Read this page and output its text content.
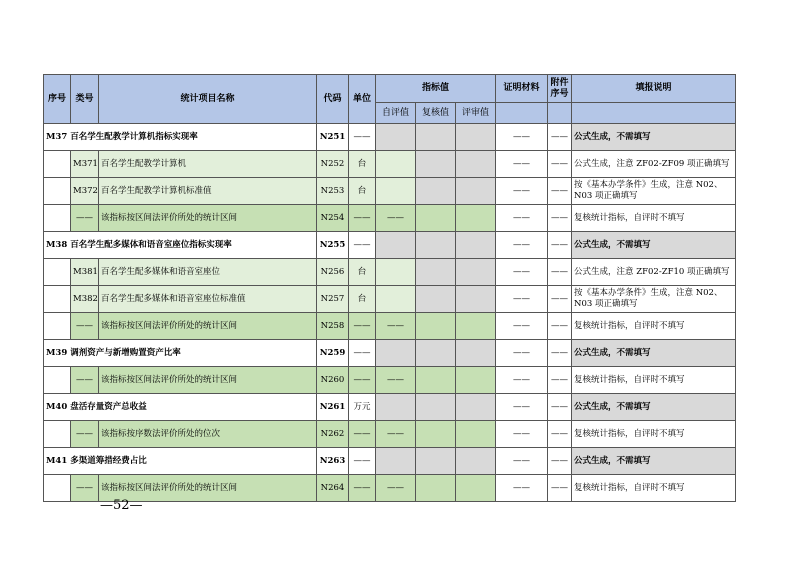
序号	类号	统计项目名称	代码	单位	指标值			证明材料	附件序号	填报说明
					自评值	复核值	评审值			
M37 百名学生配教学计算机指标实现率			N251	——				——	——	公式生成，不需填写
	M371	百名学生配教学计算机	N252	台				——	——	公式生成，注意 ZF02-ZF09 项正确填写
	M372	百名学生配教学计算机标准值	N253	台				——	——	按《基本办学条件》生成，注意 N02、N03 项正确填写
	——	该指标按区间法评价所处的统计区间	N254	——	——			——	——	复核统计指标，自评时不填写
M38 百名学生配多媒体和语音室座位指标实现率			N255	——				——	——	公式生成，不需填写
	M381	百名学生配多媒体和语音室座位	N256	台				——	——	公式生成，注意 ZF02-ZF10 项正确填写
	M382	百名学生配多媒体和语音室座位标准值	N257	台				——	——	按《基本办学条件》生成，注意 N02、N03 项正确填写
	——	该指标按区间法评价所处的统计区间	N258	——	——			——	——	复核统计指标，自评时不填写
M39 调剂资产与新增购置资产比率			N259	——				——	——	公式生成，不需填写
	——	该指标按区间法评价所处的统计区间	N260	——	——			——	——	复核统计指标，自评时不填写
M40 盘活存量资产总收益			N261	万元				——	——	公式生成，不需填写
	——	该指标按序数法评价所处的位次	N262	——	——			——	——	复核统计指标，自评时不填写
M41 多渠道筹措经费占比			N263	——				——	——	公式生成，不需填写
	——	该指标按区间法评价所处的统计区间	N264	——	——			——	——	复核统计指标，自评时不填写
—52—
